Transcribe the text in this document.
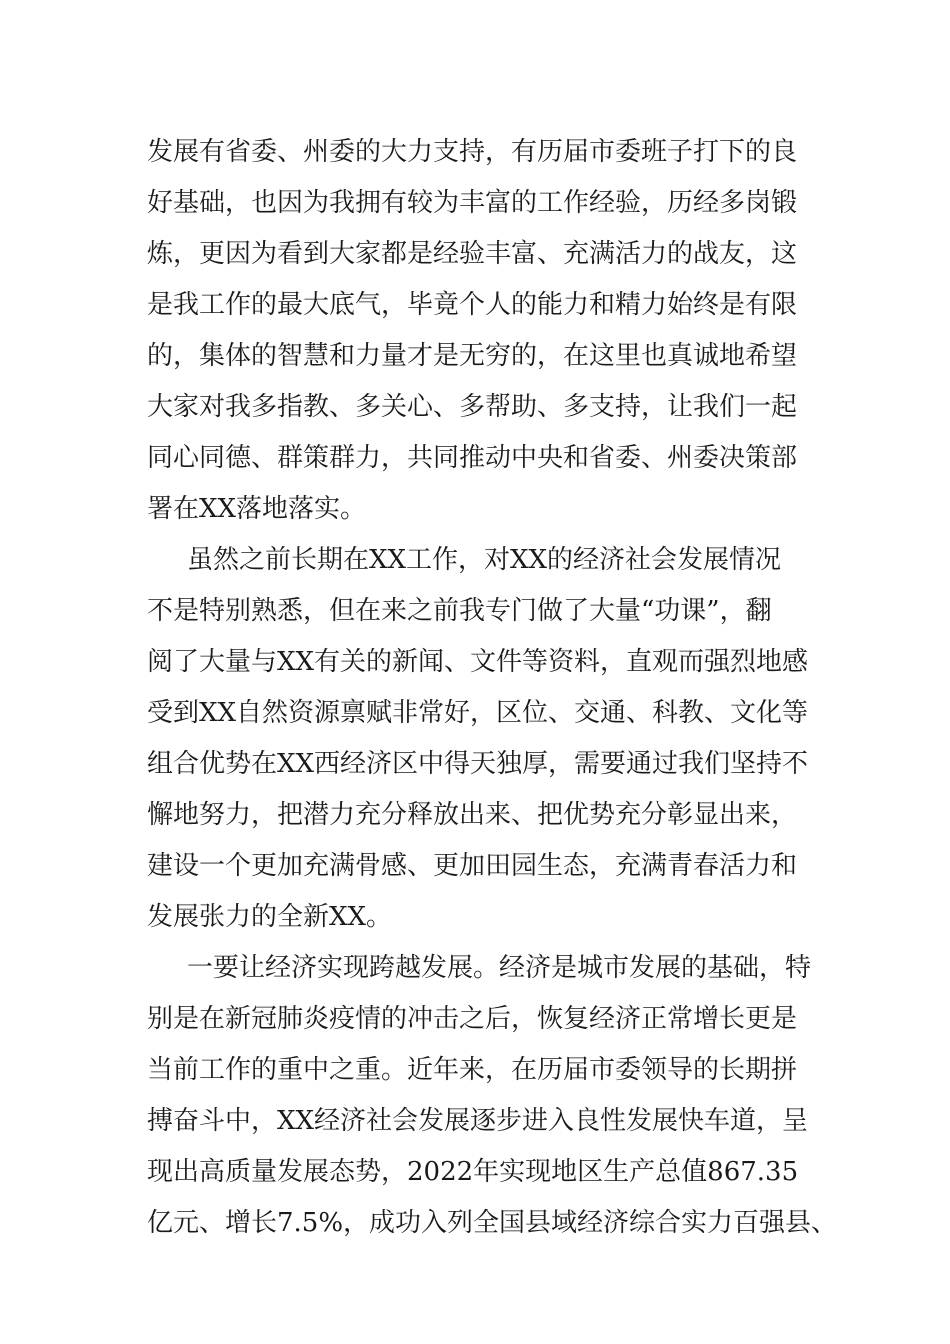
发展有省委、州委的大力支持，有历届市委班子打下的良
好基础，也因为我拥有较为丰富的工作经验，历经多岗锻
炼，更因为看到大家都是经验丰富、充满活力的战友，这
是我工作的最大底气，毕竟个人的能力和精力始终是有限
的，集体的智慧和力量才是无穷的，在这里也真诚地希望
大家对我多指教、多关心、多帮助、多支持，让我们一起
同心同德、群策群力，共同推动中央和省委、州委决策部
署在XX落地落实。
虽然之前长期在XX工作，对XX的经济社会发展情况
不是特别熟悉，但在来之前我专门做了大量“功课”，翻
阅了大量与XX有关的新闻、文件等资料，直观而强烈地感
受到XX自然资源禀赋非常好，区位、交通、科教、文化等
组合优势在XX西经济区中得天独厚，需要通过我们坚持不
懈地努力，把潜力充分释放出来、把优势充分彰显出来，
建设一个更加充满骨感、更加田园生态，充满青春活力和
发展张力的全新XX。
一要让经济实现跨越发展。经济是城市发展的基础，特
别是在新冠肺炎疫情的冲击之后，恢复经济正常增长更是
当前工作的重中之重。近年来，在历届市委领导的长期拼
搏奋斗中，XX经济社会发展逐步进入良性发展快车道，呈
现出高质量发展态势，2022年实现地区生产总值867.35
亿元、增长7.5%，成功入列全国县域经济综合实力百强县、
